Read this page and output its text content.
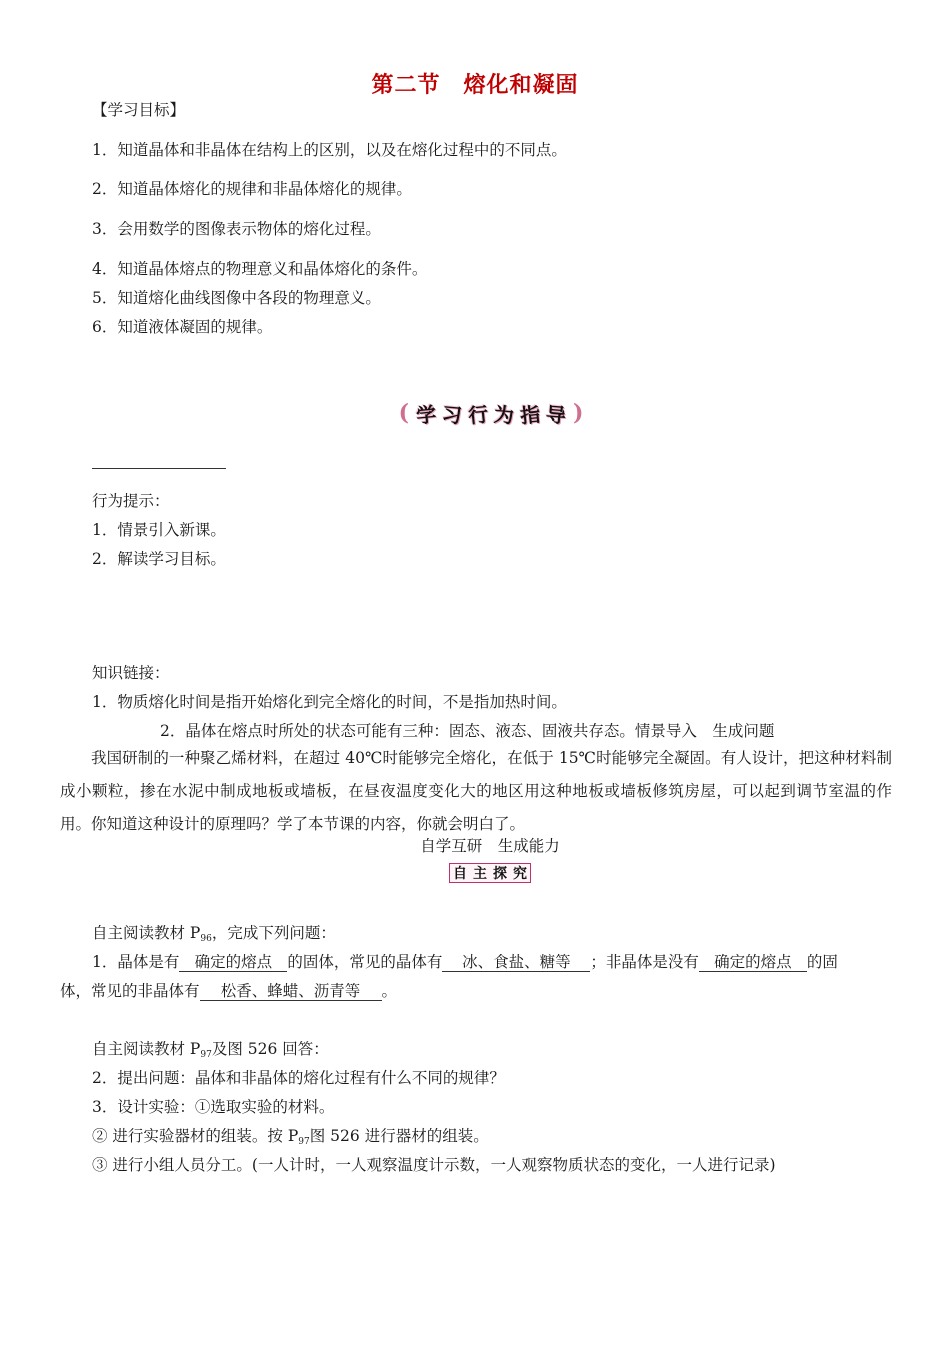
第二节　熔化和凝固
【学习目标】
1．知道晶体和非晶体在结构上的区别，以及在熔化过程中的不同点。
2．知道晶体熔化的规律和非晶体熔化的规律。
3．会用数学的图像表示物体的熔化过程。
4．知道晶体熔点的物理意义和晶体熔化的条件。
5．知道熔化曲线图像中各段的物理意义。
6．知道液体凝固的规律。
( 学 习 行 为 指 导 )
行为提示：
1．情景引入新课。
2．解读学习目标。
知识链接：
1．物质熔化时间是指开始熔化到完全熔化的时间，不是指加热时间。
2．晶体在熔点时所处的状态可能有三种：固态、液态、固液共存态。情景导入　生成问题
我国研制的一种聚乙烯材料，在超过 40℃时能够完全熔化，在低于 15℃时能够完全凝固。有人设计，把这种材料制成小颗粒，掺在水泥中制成地板或墙板，在昼夜温度变化大的地区用这种地板或墙板修筑房屋，可以起到调节室温的作用。你知道这种设计的原理吗？学了本节课的内容，你就会明白了。
自学互研　生成能力
自 主 探 究
自主阅读教材 $P_{96}$，完成下列问题：
1．晶体是有 确定的熔点 的固体，常见的晶体有 冰、食盐、糖等 ；非晶体是没有 确定的熔点 的固
体，常见的非晶体有 松香、蜂蜡、沥青等 。
自主阅读教材 $P_{97}$及图 526 回答：
2．提出问题：晶体和非晶体的熔化过程有什么不同的规律？
3．设计实验：①选取实验的材料。
② 进行实验器材的组装。按 $P_{97}$图 526 进行器材的组装。
③ 进行小组人员分工。(一人计时，一人观察温度计示数，一人观察物质状态的变化，一人进行记录)
